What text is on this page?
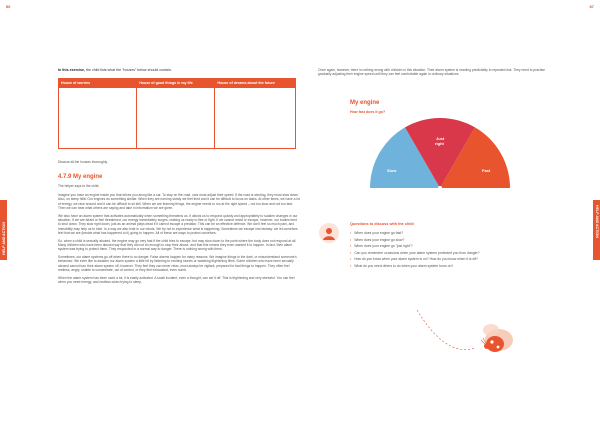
86	87
HELP AND ACTION
HELP AND ACTION
In this exercise, the child lists what the "houses" below should contain.
House of worries	House of good things in my life	House of dreams about the future

Discuss all the houses thoroughly.
4.7.9 My engine
The helper says to the child:

Imagine you have an engine inside you that drives you along like a car. To stay on the road, cars must adjust their speed. If the road is winding, they must slow down. Also, on steep hills! Our engines do something similar. When they are running slowly we feel tired and it can be difficult to focus on tasks. At other times, we have a lot of energy, we race around and it can be difficult to sit still. When we are learning things, the engine needs to run at the right speed – not too slow and not too fast. Then we can hear what others are saying and take in information we are given.

We also have an alarm system that activates automatically when something threatens us. It allows us to respond quickly and appropriately to sudden changes in our situation. If we are afraid or feel threatened, our energy immediately surges, making us ready to flee or fight. If we cannot resist or escape, however, our bodies tend to shut down. They slow right down, just as an animal plays dead if it cannot escape a predator. This can be an effective defence. We don't feel so much pain, and immobility may help us to hide. In a way we also hide in our minds. We try not to experience what is happening. Sometimes we escape into fantasy: we let ourselves feel that we are (beside what has happened to it) going to happen. All of these are ways to protect ourselves.

So, when a child is sexually abused, the engine may go very fast if the child tries to escape, but may slow down to the point where the body does not respond at all. Many children who have been abused say that they did not do enough to stop their abuse, and that this means they even wanted it to happen. In fact, their alarm system was trying to protect them. They responded in a normal way to danger. There is nothing wrong with them.

Sometimes, our alarm systems go off when there is no danger. False alarms happen for many reasons. We imagine things in the dark, or misunderstand someone's behaviour. We even like to awaken our alarm system a little bit by listening to exciting stories or watching frightening films. Some children who have been sexually abused cannot turn their alarm system off, however. They feel they can never relax, must always be vigilant, prepared for bad things to happen. They often feel restless, angry, unable to concentrate, out of control, or they feel exhausted, even numb.

When the alarm system has been used a lot, it is easily activated. A small incident, even a thought, can set it off. This is frightening and very stressful. You can feel when you need energy, and restless when trying to sleep.

Once again, however, there is nothing wrong with children in this situation. Their alarm system is reacting predictably to repeated risk. They need to practise gradually adjusting their engine speed until they can feel comfortable again in ordinary situations.
My engine
How fast does it go?
Slow
Just right
Fast
Questions to discuss with the child
• When does your engine go fast?
• When does your engine go slow?
• When does your engine go "just right"?
• Can you remember occasions when your alarm system protected you from danger?
• How do you know when your alarm system is on? How do you know when it is off?
• What do you need others to do when your alarm system turns on?
